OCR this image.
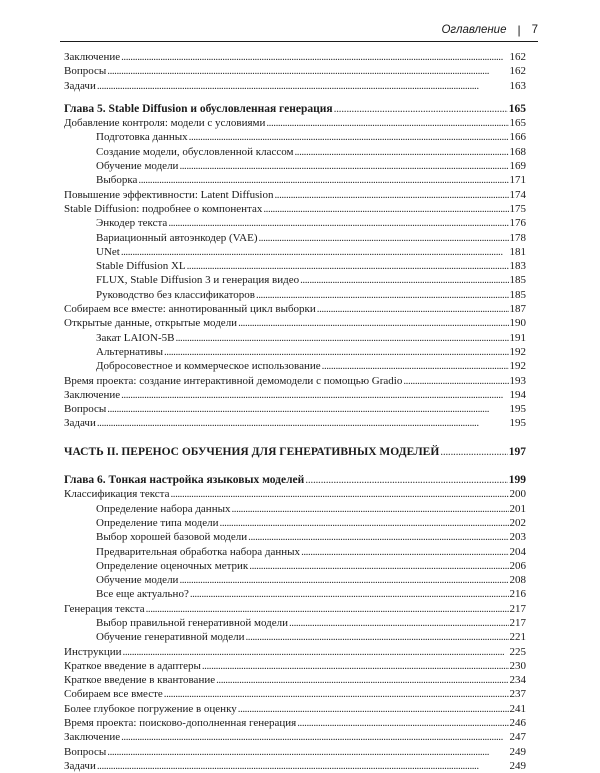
Оглавление | 7
Заключение . . .	162
Вопросы . . .	162
Задачи . . .	163
Глава 5. Stable Diffusion и обусловленная генерация . . .	165
Добавление контроля: модели с условиями . . .	165
Подготовка данных . . .	166
Создание модели, обусловленной классом . . .	168
Обучение модели . . .	169
Выборка . . .	171
Повышение эффективности: Latent Diffusion . . .	174
Stable Diffusion: подробнее о компонентах . . .	175
Энкодер текста . . .	176
Вариационный автоэнкодер (VAE) . . .	178
UNet . . .	181
Stable Diffusion XL . . .	183
FLUX, Stable Diffusion 3 и генерация видео . . .	185
Руководство без классификаторов . . .	185
Собираем все вместе: аннотированный цикл выборки . . .	187
Открытые данные, открытые модели . . .	190
Закат LAION-5B . . .	191
Альтернативы . . .	192
Добросовестное и коммерческое использование . . .	192
Время проекта: создание интерактивной демомодели с помощью Gradio . . .	193
Заключение . . .	194
Вопросы . . .	195
Задачи . . .	195
ЧАСТЬ II. ПЕРЕНОС ОБУЧЕНИЯ ДЛЯ ГЕНЕРАТИВНЫХ МОДЕЛЕЙ . . .	197
Глава 6. Тонкая настройка языковых моделей . . .	199
Классификация текста . . .	200
Определение набора данных . . .	201
Определение типа модели . . .	202
Выбор хорошей базовой модели . . .	203
Предварительная обработка набора данных . . .	204
Определение оценочных метрик . . .	206
Обучение модели . . .	208
Все еще актуально? . . .	216
Генерация текста . . .	217
Выбор правильной генеративной модели . . .	217
Обучение генеративной модели . . .	221
Инструкции . . .	225
Краткое введение в адаптеры . . .	230
Краткое введение в квантование . . .	234
Собираем все вместе . . .	237
Более глубокое погружение в оценку . . .	241
Время проекта: поисково-дополненная генерация . . .	246
Заключение . . .	247
Вопросы . . .	249
Задачи . . .	249
